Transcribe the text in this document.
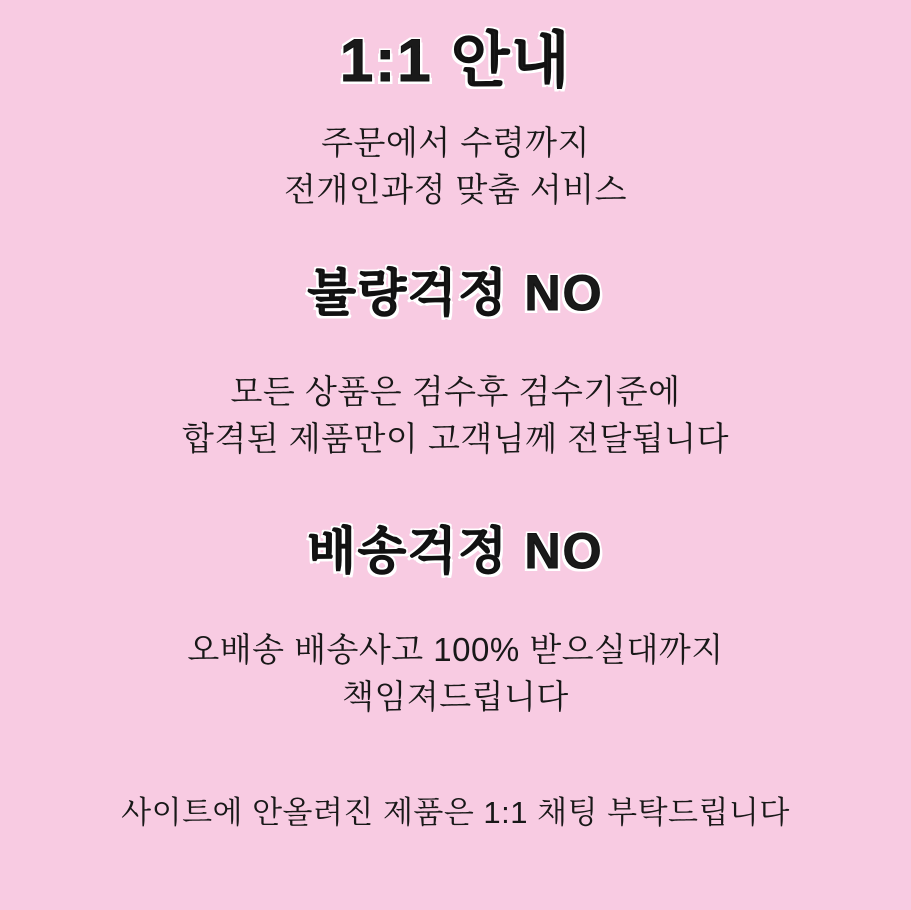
1:1 안내
주문에서 수령까지
전개인과정 맞춤 서비스
불량걱정 NO
모든 상품은 검수후 검수기준에
합격된 제품만이 고객님께 전달됩니다
배송걱정 NO
오배송 배송사고 100% 받으실대까지
책임져드립니다
사이트에 안올려진 제품은 1:1 채팅 부탁드립니다
